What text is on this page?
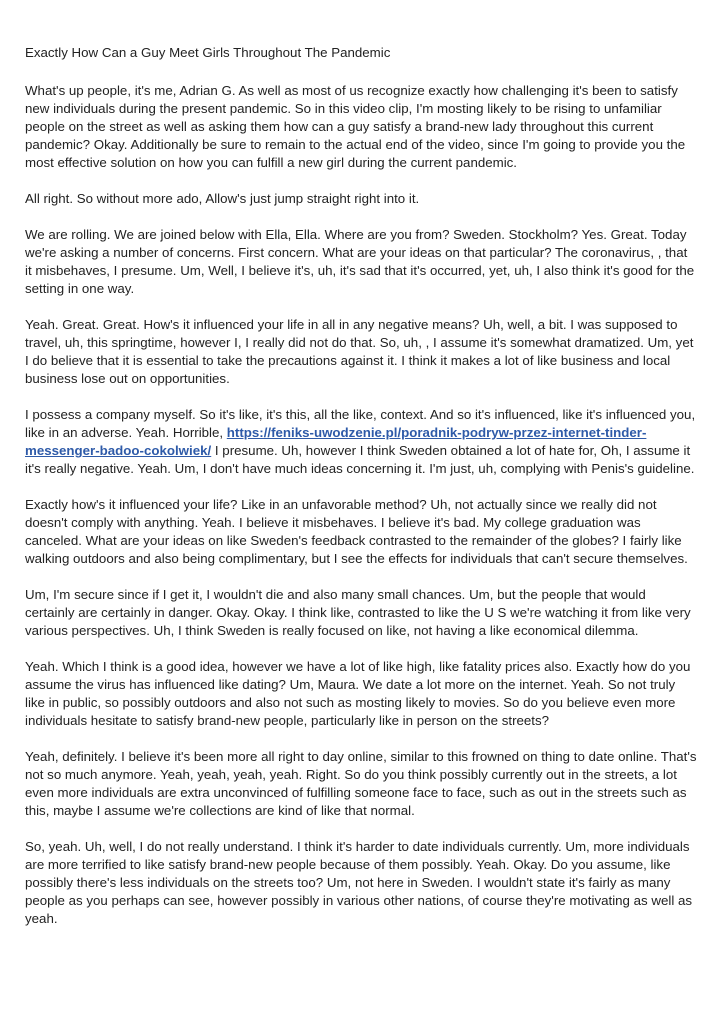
Exactly How Can a Guy Meet Girls Throughout The Pandemic

What's up people, it's me, Adrian G. As well as most of us recognize exactly how challenging it's been to satisfy new individuals during the present pandemic. So in this video clip, I'm mosting likely to be rising to unfamiliar people on the street as well as asking them how can a guy satisfy a brand-new lady throughout this current pandemic? Okay. Additionally be sure to remain to the actual end of the video, since I'm going to provide you the most effective solution on how you can fulfill a new girl during the current pandemic.

All right. So without more ado, Allow's just jump straight right into it.

We are rolling. We are joined below with Ella, Ella. Where are you from? Sweden. Stockholm? Yes. Great. Today we're asking a number of concerns. First concern. What are your ideas on that particular? The coronavirus, , that it misbehaves, I presume. Um, Well, I believe it's, uh, it's sad that it's occurred, yet, uh, I also think it's good for the setting in one way.

Yeah. Great. Great. How's it influenced your life in all in any negative means? Uh, well, a bit. I was supposed to travel, uh, this springtime, however I, I really did not do that. So, uh, , I assume it's somewhat dramatized. Um, yet I do believe that it is essential to take the precautions against it. I think it makes a lot of like business and local business lose out on opportunities.

I possess a company myself. So it's like, it's this, all the like, context. And so it's influenced, like it's influenced you, like in an adverse. Yeah. Horrible, https://feniks-uwodzenie.pl/poradnik-podryw-przez-internet-tinder-messenger-badoo-cokolwiek/ I presume. Uh, however I think Sweden obtained a lot of hate for, Oh, I assume it it's really negative. Yeah. Um, I don't have much ideas concerning it. I'm just, uh, complying with Penis's guideline.

Exactly how's it influenced your life? Like in an unfavorable method? Uh, not actually since we really did not doesn't comply with anything. Yeah. I believe it misbehaves. I believe it's bad. My college graduation was canceled. What are your ideas on like Sweden's feedback contrasted to the remainder of the globes? I fairly like walking outdoors and also being complimentary, but I see the effects for individuals that can't secure themselves.

Um, I'm secure since if I get it, I wouldn't die and also many small chances. Um, but the people that would certainly are certainly in danger. Okay. Okay. I think like, contrasted to like the U S we're watching it from like very various perspectives. Uh, I think Sweden is really focused on like, not having a like economical dilemma.

Yeah. Which I think is a good idea, however we have a lot of like high, like fatality prices also. Exactly how do you assume the virus has influenced like dating? Um, Maura. We date a lot more on the internet. Yeah. So not truly like in public, so possibly outdoors and also not such as mosting likely to movies. So do you believe even more individuals hesitate to satisfy brand-new people, particularly like in person on the streets?

Yeah, definitely. I believe it's been more all right to day online, similar to this frowned on thing to date online. That's not so much anymore. Yeah, yeah, yeah, yeah. Right. So do you think possibly currently out in the streets, a lot even more individuals are extra unconvinced of fulfilling someone face to face, such as out in the streets such as this, maybe I assume we're collections are kind of like that normal.

So, yeah. Uh, well, I do not really understand. I think it's harder to date individuals currently. Um, more individuals are more terrified to like satisfy brand-new people because of them possibly. Yeah. Okay. Do you assume, like possibly there's less individuals on the streets too? Um, not here in Sweden. I wouldn't state it's fairly as many people as you perhaps can see, however possibly in various other nations, of course they're motivating as well as yeah.
